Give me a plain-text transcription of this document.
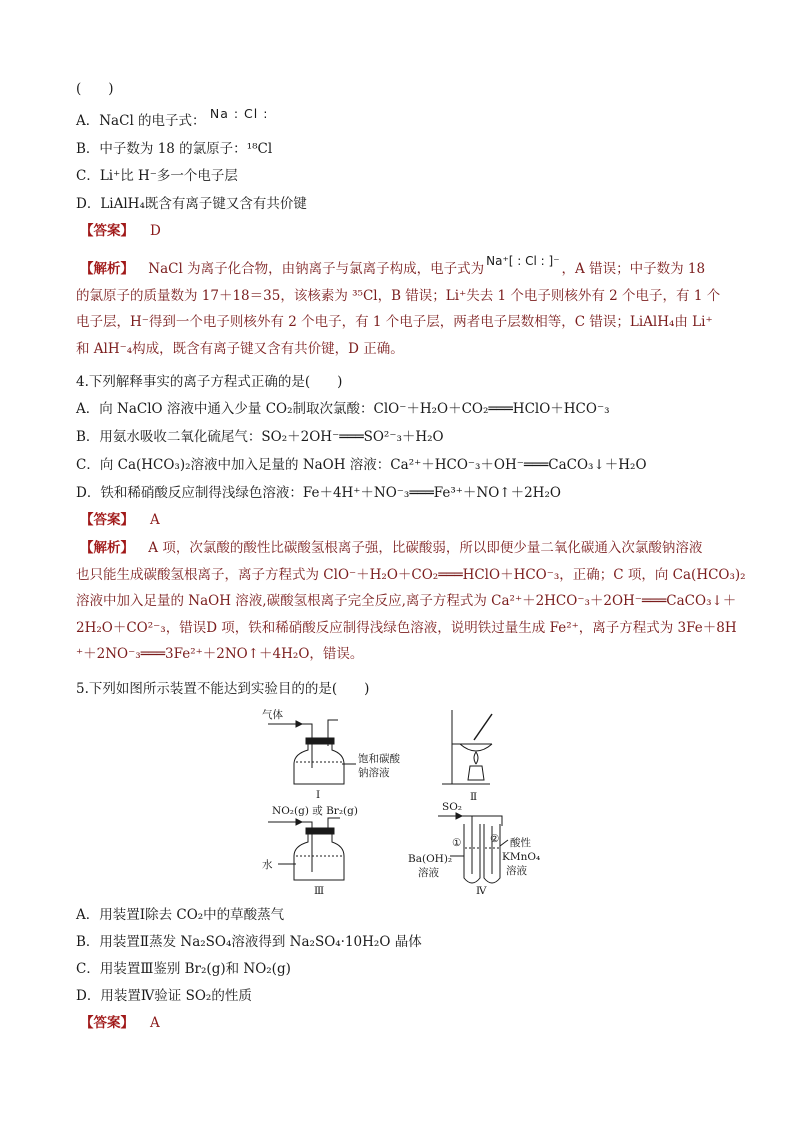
(　　)
A．NaCl 的电子式： Na : Cl :
B．中子数为 18 的氯原子：¹⁸Cl
C．Li⁺比 H⁻多一个电子层
D．LiAlH₄既含有离子键又含有共价键
【答案】 D
【解析】 NaCl 为离子化合物，由钠离子与氯离子构成，电子式为 Na⁺[ : Cl : ]⁻ ，A 错误；中子数为 18
的氯原子的质量数为 17＋18＝35，该核素为 ³⁵Cl，B 错误；Li⁺失去 1 个电子则核外有 2 个电子，有 1 个
电子层，H⁻得到一个电子则核外有 2 个电子，有 1 个电子层，两者电子层数相等，C 错误；LiAlH₄由 Li⁺
和 AlH⁻₄构成，既含有离子键又含有共价键，D 正确。
4.下列解释事实的离子方程式正确的是(　　)
A．向 NaClO 溶液中通入少量 CO₂制取次氯酸：ClO⁻＋H₂O＋CO₂═══HClO＋HCO⁻₃
B．用氨水吸收二氧化硫尾气：SO₂＋2OH⁻═══SO²⁻₃＋H₂O
C．向 Ca(HCO₃)₂溶液中加入足量的 NaOH 溶液：Ca²⁺＋HCO⁻₃＋OH⁻═══CaCO₃↓＋H₂O
D．铁和稀硝酸反应制得浅绿色溶液：Fe＋4H⁺＋NO⁻₃═══Fe³⁺＋NO↑＋2H₂O
【答案】 A
【解析】 A 项，次氯酸的酸性比碳酸氢根离子强，比碳酸弱，所以即便少量二氧化碳通入次氯酸钠溶液
也只能生成碳酸氢根离子，离子方程式为 ClO⁻＋H₂O＋CO₂═══HClO＋HCO⁻₃，正确；C 项，向 Ca(HCO₃)₂
溶液中加入足量的 NaOH 溶液,碳酸氢根离子完全反应,离子方程式为 Ca²⁺＋2HCO⁻₃＋2OH⁻═══CaCO₃↓＋
2H₂O＋CO²⁻₃，错误D 项，铁和稀硝酸反应制得浅绿色溶液，说明铁过量生成 Fe²⁺，离子方程式为 3Fe＋8H
⁺＋2NO⁻₃═══3Fe²⁺＋2NO↑＋4H₂O，错误。
5.下列如图所示装置不能达到实验目的的是(　　)
气体
饱和碳酸
钠溶液
Ⅰ	Ⅱ
NO₂(g) 或 Br₂(g)
水
Ⅲ
SO₂
①	②
Ba(OH)₂
溶液
酸性
KMnO₄
溶液
Ⅳ
A．用装置Ⅰ除去 CO₂中的草酸蒸气
B．用装置Ⅱ蒸发 Na₂SO₄溶液得到 Na₂SO₄·10H₂O 晶体
C．用装置Ⅲ鉴别 Br₂(g)和 NO₂(g)
D．用装置Ⅳ验证 SO₂的性质
【答案】 A
